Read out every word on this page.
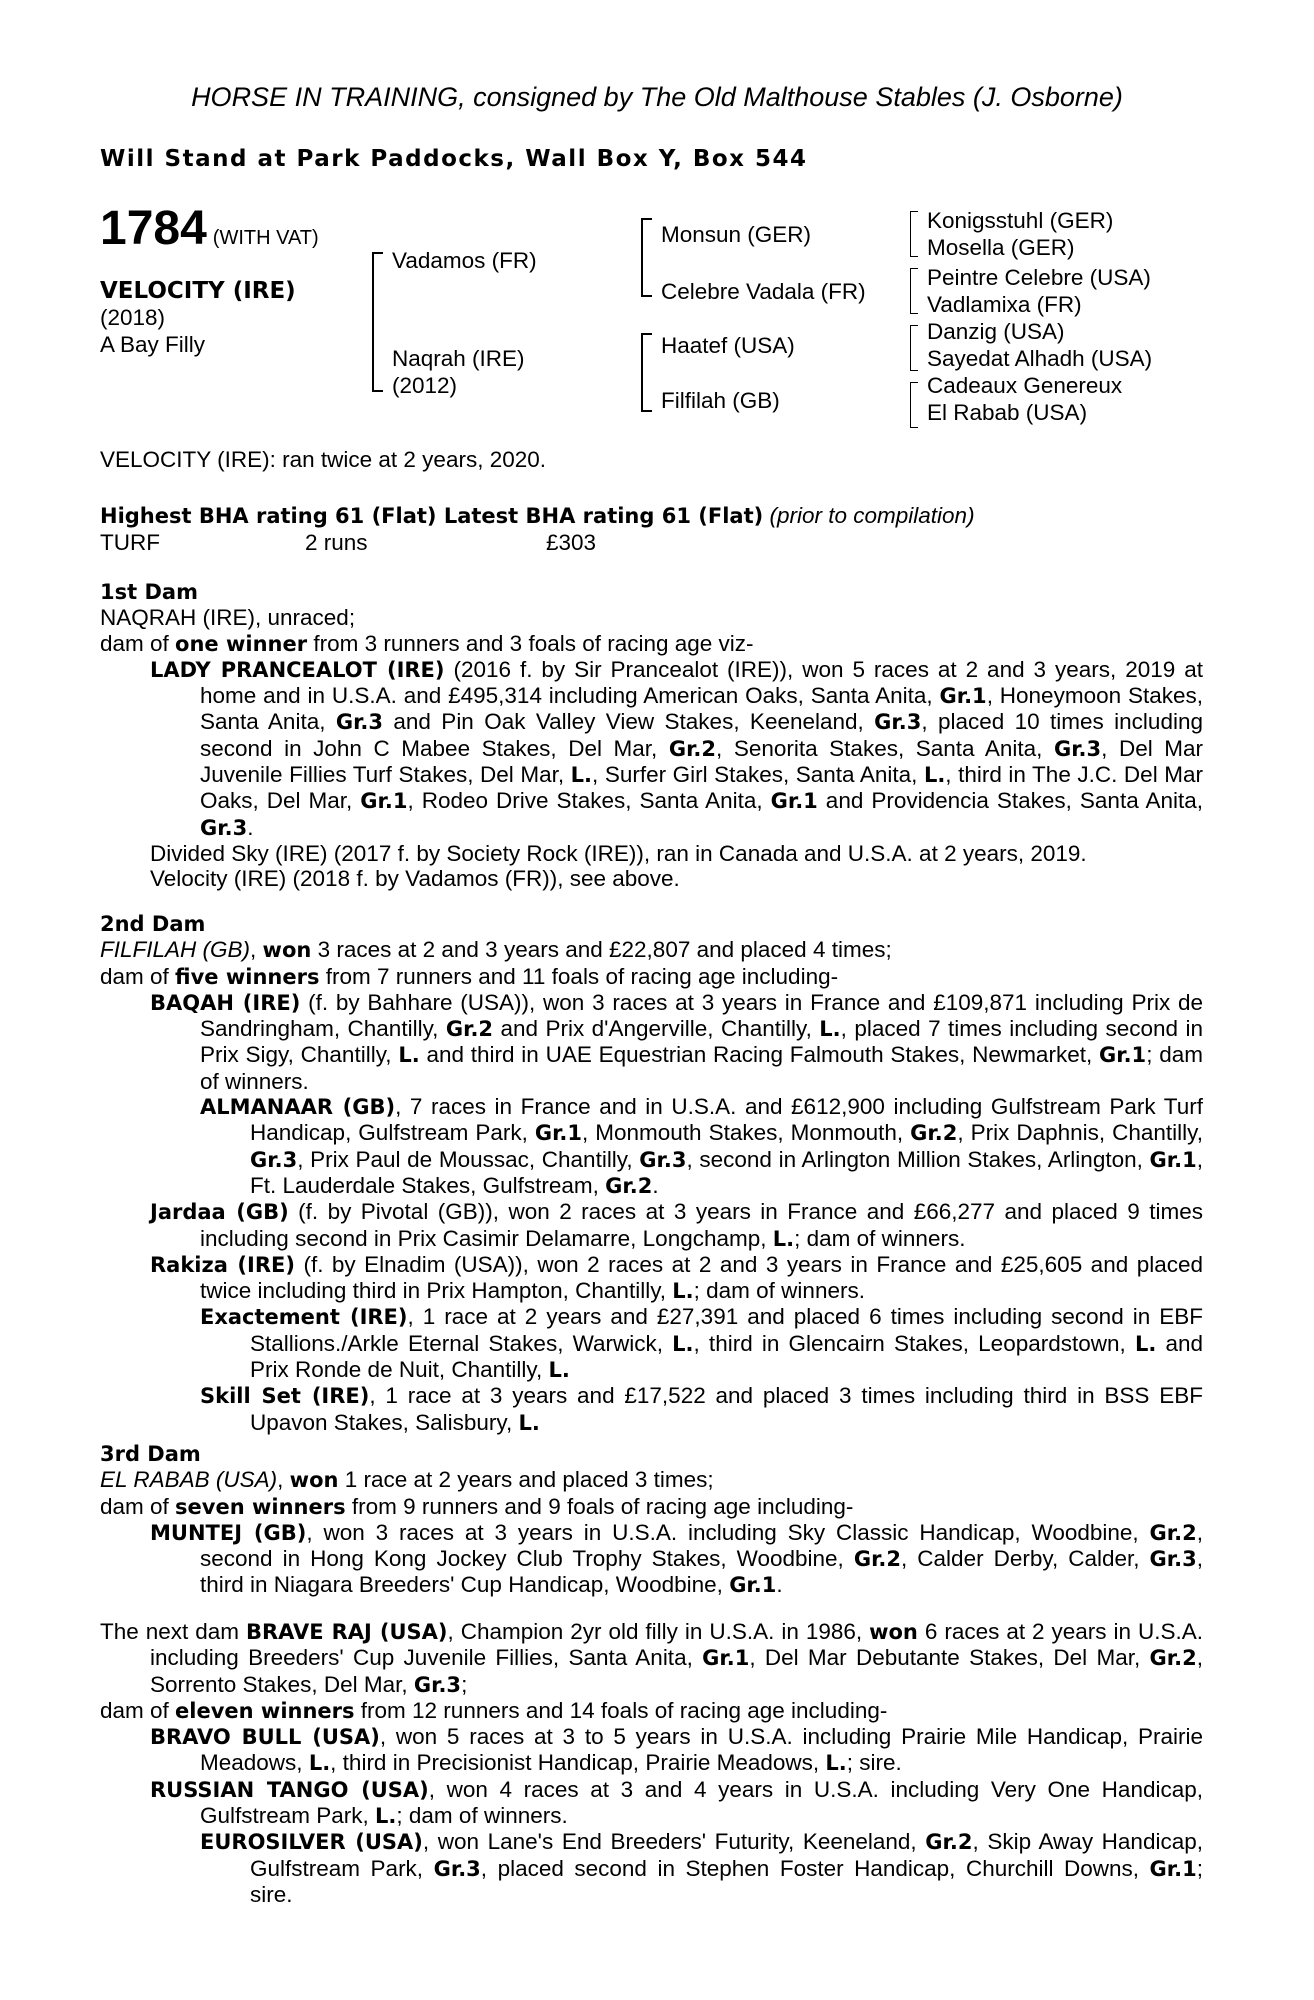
HORSE IN TRAINING, consigned by The Old Malthouse Stables (J. Osborne)
Will Stand at Park Paddocks, Wall Box Y, Box 544
1784 (WITH VAT)
VELOCITY (IRE)
(2018)
A Bay Filly
Vadamos (FR)
Naqrah (IRE)
(2012)
Monsun (GER)
Celebre Vadala (FR)
Haatef (USA)
Filfilah (GB)
Konigsstuhl (GER)
Mosella (GER)
Peintre Celebre (USA)
Vadlamixa (FR)
Danzig (USA)
Sayedat Alhadh (USA)
Cadeaux Genereux
El Rabab (USA)
VELOCITY (IRE): ran twice at 2 years, 2020.
Highest BHA rating 61 (Flat) Latest BHA rating 61 (Flat) (prior to compilation)
TURF	2 runs	£303

1st Dam

NAQRAH (IRE), unraced;

dam of one winner from 3 runners and 3 foals of racing age viz-

LADY PRANCEALOT (IRE) (2016 f. by Sir Prancealot (IRE)), won 5 races at 2 and 3 years, 2019 at home and in U.S.A. and £495,314 including American Oaks, Santa Anita, Gr.1, Honeymoon Stakes, Santa Anita, Gr.3 and Pin Oak Valley View Stakes, Keeneland, Gr.3, placed 10 times including second in John C Mabee Stakes, Del Mar, Gr.2, Senorita Stakes, Santa Anita, Gr.3, Del Mar Juvenile Fillies Turf Stakes, Del Mar, L., Surfer Girl Stakes, Santa Anita, L., third in The J.C. Del Mar Oaks, Del Mar, Gr.1, Rodeo Drive Stakes, Santa Anita, Gr.1 and Providencia Stakes, Santa Anita, Gr.3.

Divided Sky (IRE) (2017 f. by Society Rock (IRE)), ran in Canada and U.S.A. at 2 years, 2019.

Velocity (IRE) (2018 f. by Vadamos (FR)), see above.

2nd Dam

FILFILAH (GB), won 3 races at 2 and 3 years and £22,807 and placed 4 times;

dam of five winners from 7 runners and 11 foals of racing age including-

BAQAH (IRE) (f. by Bahhare (USA)), won 3 races at 3 years in France and £109,871 including Prix de Sandringham, Chantilly, Gr.2 and Prix d'Angerville, Chantilly, L., placed 7 times including second in Prix Sigy, Chantilly, L. and third in UAE Equestrian Racing Falmouth Stakes, Newmarket, Gr.1; dam of winners.

ALMANAAR (GB), 7 races in France and in U.S.A. and £612,900 including Gulfstream Park Turf Handicap, Gulfstream Park, Gr.1, Monmouth Stakes, Monmouth, Gr.2, Prix Daphnis, Chantilly, Gr.3, Prix Paul de Moussac, Chantilly, Gr.3, second in Arlington Million Stakes, Arlington, Gr.1, Ft. Lauderdale Stakes, Gulfstream, Gr.2.

Jardaa (GB) (f. by Pivotal (GB)), won 2 races at 3 years in France and £66,277 and placed 9 times including second in Prix Casimir Delamarre, Longchamp, L.; dam of winners.

Rakiza (IRE) (f. by Elnadim (USA)), won 2 races at 2 and 3 years in France and £25,605 and placed twice including third in Prix Hampton, Chantilly, L.; dam of winners.

Exactement (IRE), 1 race at 2 years and £27,391 and placed 6 times including second in EBF Stallions./Arkle Eternal Stakes, Warwick, L., third in Glencairn Stakes, Leopardstown, L. and Prix Ronde de Nuit, Chantilly, L.

Skill Set (IRE), 1 race at 3 years and £17,522 and placed 3 times including third in BSS EBF Upavon Stakes, Salisbury, L.

3rd Dam

EL RABAB (USA), won 1 race at 2 years and placed 3 times;

dam of seven winners from 9 runners and 9 foals of racing age including-

MUNTEJ (GB), won 3 races at 3 years in U.S.A. including Sky Classic Handicap, Woodbine, Gr.2, second in Hong Kong Jockey Club Trophy Stakes, Woodbine, Gr.2, Calder Derby, Calder, Gr.3, third in Niagara Breeders' Cup Handicap, Woodbine, Gr.1.

The next dam BRAVE RAJ (USA), Champion 2yr old filly in U.S.A. in 1986, won 6 races at 2 years in U.S.A. including Breeders' Cup Juvenile Fillies, Santa Anita, Gr.1, Del Mar Debutante Stakes, Del Mar, Gr.2, Sorrento Stakes, Del Mar, Gr.3;

dam of eleven winners from 12 runners and 14 foals of racing age including-

BRAVO BULL (USA), won 5 races at 3 to 5 years in U.S.A. including Prairie Mile Handicap, Prairie Meadows, L., third in Precisionist Handicap, Prairie Meadows, L.; sire.

RUSSIAN TANGO (USA), won 4 races at 3 and 4 years in U.S.A. including Very One Handicap, Gulfstream Park, L.; dam of winners.

EUROSILVER (USA), won Lane's End Breeders' Futurity, Keeneland, Gr.2, Skip Away Handicap, Gulfstream Park, Gr.3, placed second in Stephen Foster Handicap, Churchill Downs, Gr.1; sire.
